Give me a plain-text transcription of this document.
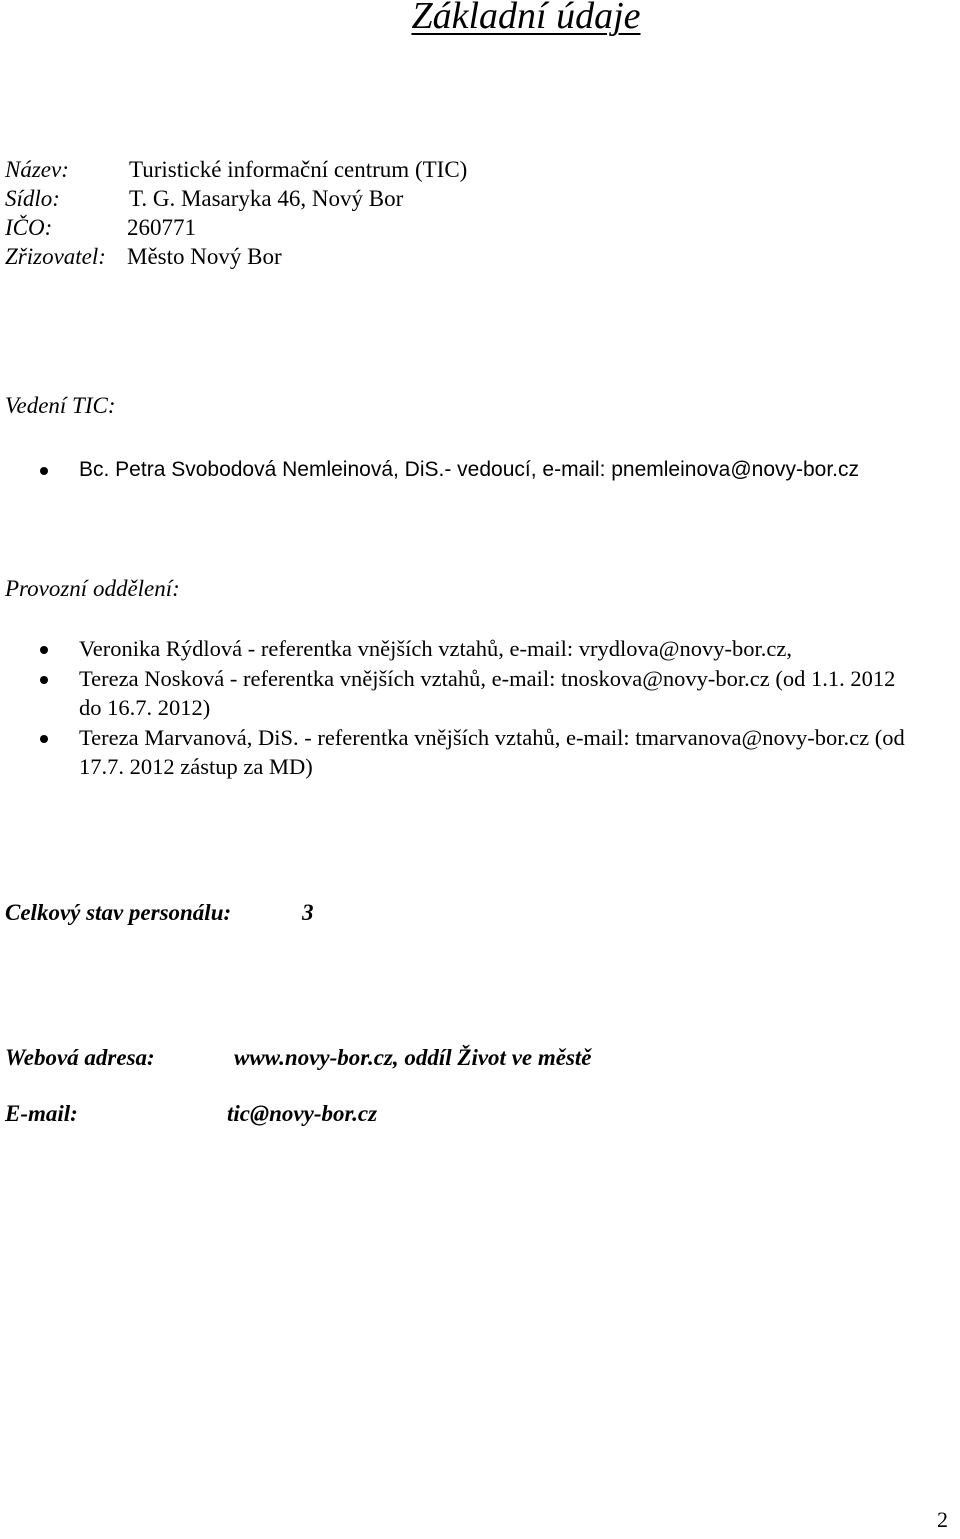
Základní údaje
Název:	Turistické informační centrum (TIC)
Sídlo:	T. G. Masaryka 46, Nový Bor
IČO:	260771
Zřizovatel: Město Nový Bor
Vedení TIC:
Bc. Petra Svobodová Nemleinová, DiS.- vedoucí, e-mail: pnemleinova@novy-bor.cz
Provozní oddělení:
Veronika Rýdlová - referentka vnějších vztahů, e-mail: vrydlova@novy-bor.cz,
Tereza Nosková - referentka vnějších vztahů, e-mail: tnoskova@novy-bor.cz (od 1.1. 2012 do 16.7. 2012)
Tereza Marvanová, DiS. - referentka vnějších vztahů, e-mail: tmarvanova@novy-bor.cz (od 17.7. 2012 zástup za MD)
Celkový stav personálu:	3
Webová adresa:	www.novy-bor.cz, oddíl Život ve městě
E-mail:	tic@novy-bor.cz
2
